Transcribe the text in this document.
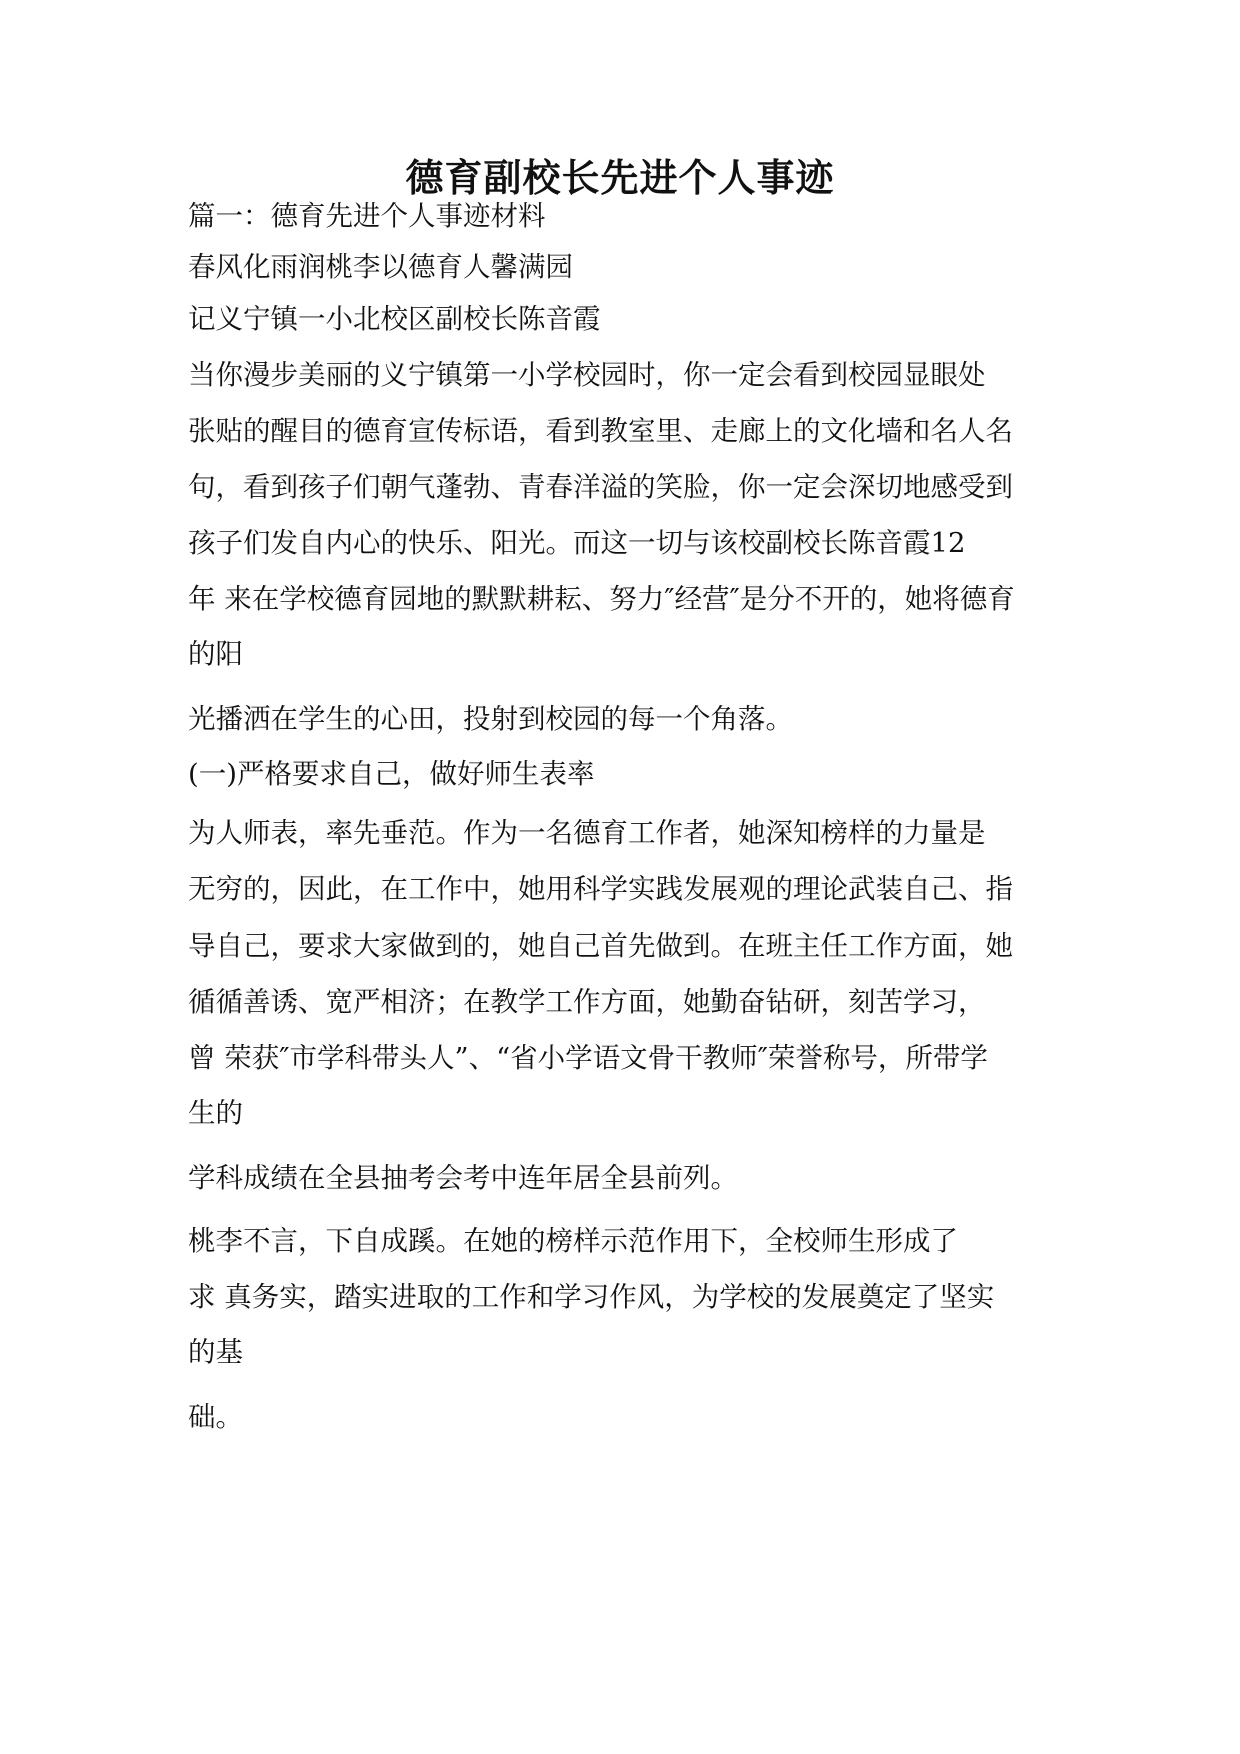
德育副校长先进个人事迹
篇一：德育先进个人事迹材料
春风化雨润桃李以德育人馨满园
记义宁镇一小北校区副校长陈音霞
当你漫步美丽的义宁镇第一小学校园时，你一定会看到校园显眼处
张贴的醒目的德育宣传标语，看到教室里、走廊上的文化墙和名人名
句，看到孩子们朝气蓬勃、青春洋溢的笑脸，你一定会深切地感受到
孩子们发自内心的快乐、阳光。而这一切与该校副校长陈音霞12
年 来在学校德育园地的默默耕耘、努力″经营″是分不开的，她将德育
的阳
光播洒在学生的心田，投射到校园的每一个角落。
(一)严格要求自己，做好师生表率
为人师表，率先垂范。作为一名德育工作者，她深知榜样的力量是
无穷的，因此，在工作中，她用科学实践发展观的理论武装自己、指
导自己，要求大家做到的，她自己首先做到。在班主任工作方面，她
循循善诱、宽严相济；在教学工作方面，她勤奋钻研，刻苦学习，
曾 荣获″市学科带头人”、“省小学语文骨干教师″荣誉称号，所带学
生的
学科成绩在全县抽考会考中连年居全县前列。
桃李不言，下自成蹊。在她的榜样示范作用下，全校师生形成了
求 真务实，踏实进取的工作和学习作风，为学校的发展奠定了坚实
的基
础。
